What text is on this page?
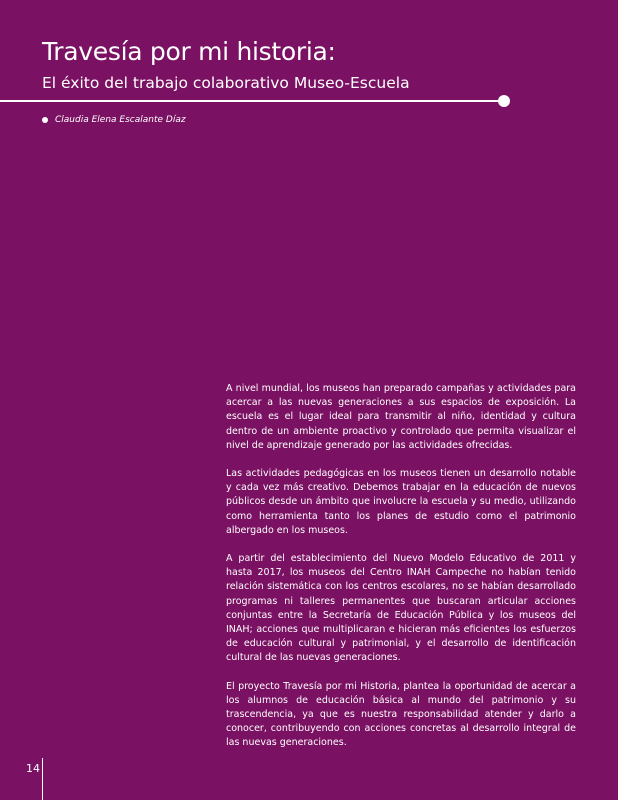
Travesía por mi historia:
El éxito del trabajo colaborativo Museo-Escuela
Claudia Elena Escalante Díaz

A nivel mundial, los museos han preparado campañas y actividades para acercar a las nuevas generaciones a sus espacios de exposición. La escuela es el lugar ideal para transmitir al niño, identidad y cultura dentro de un ambiente proactivo y controlado que permita visualizar el nivel de aprendizaje generado por las actividades ofrecidas.

Las actividades pedagógicas en los museos tienen un desarrollo notable y cada vez más creativo. Debemos trabajar en la educación de nuevos públicos desde un ámbito que involucre la escuela y su medio, utilizando como herramienta tanto los planes de estudio como el patrimonio albergado en los museos.

A partir del establecimiento del Nuevo Modelo Educativo de 2011 y hasta 2017, los museos del Centro INAH Campeche no habían tenido relación sistemática con los centros escolares, no se habían desarrollado programas ni talleres permanentes que buscaran articular acciones conjuntas entre la Secretaría de Educación Pública y los museos del INAH; acciones que multiplicaran e hicieran más eficientes los esfuerzos de educación cultural y patrimonial, y el desarrollo de identificación cultural de las nuevas generaciones.

El proyecto Travesía por mi Historia, plantea la oportunidad de acercar a los alumnos de educación básica al mundo del patrimonio y su trascendencia, ya que es nuestra responsabilidad atender y darlo a conocer, contribuyendo con acciones concretas al desarrollo integral de las nuevas generaciones.

14
